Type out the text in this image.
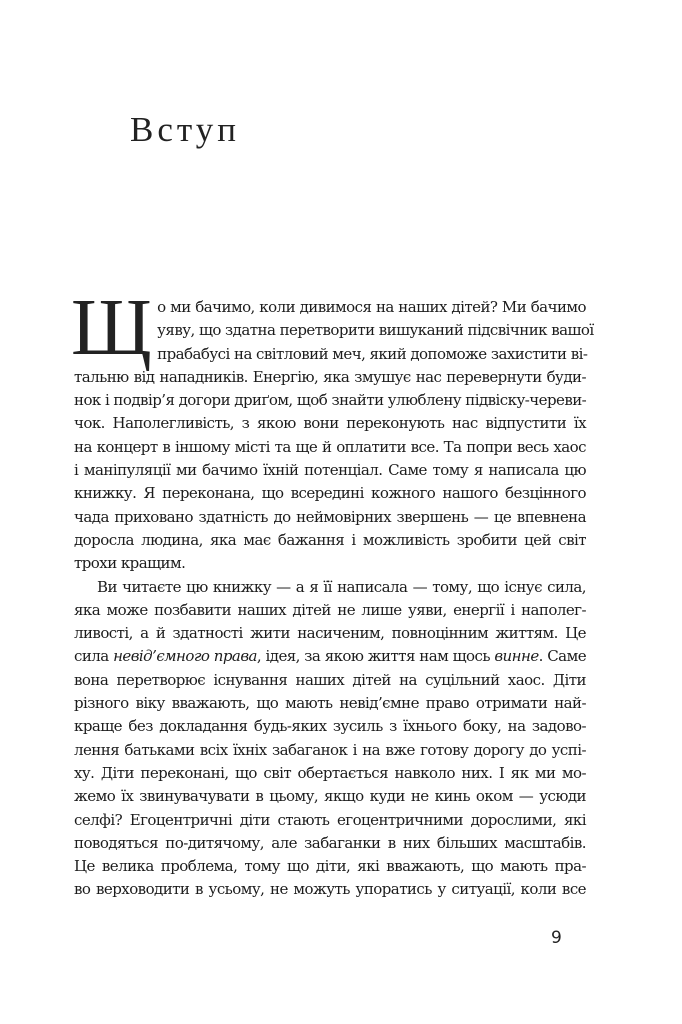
Вступ
Щ о ми бачимо, коли дивимося на наших дітей? Ми бачимо
уяву, що здатна перетворити вишуканий підсвічник вашої
прабабусі на світловий меч, який допоможе захистити ві-
тальню від нападників. Енергію, яка змушує нас перевернути буди-
нок і подвір’я догори дриґом, щоб знайти улюблену підвіску-череви-
чок. Наполегливість, з якою вони переконують нас відпустити їх
на концерт в іншому місті та ще й оплатити все. Та попри весь хаос
і маніпуляції ми бачимо їхній потенціал. Саме тому я написала цю
книжку. Я переконана, що всередині кожного нашого безцінного
чада приховано здатність до неймовірних звершень — це впевнена
доросла людина, яка має бажання і можливість зробити цей світ
трохи кращим.
Ви читаєте цю книжку — а я її написала — тому, що існує сила,
яка може позбавити наших дітей не лише уяви, енергії і наполег-
ливості, а й здатності жити насиченим, повноцінним життям. Це
сила невід’ємного права, ідея, за якою життя нам щось винне. Саме
вона перетворює існування наших дітей на суцільний хаос. Діти
різного віку вважають, що мають невід’ємне право отримати най-
краще без докладання будь-яких зусиль з їхнього боку, на задово-
лення батьками всіх їхніх забаганок і на вже готову дорогу до успі-
ху. Діти переконані, що світ обертається навколо них. І як ми мо-
жемо їх звинувачувати в цьому, якщо куди не кинь оком — усюди
селфі? Егоцентричні діти стають егоцентричними дорослими, які
поводяться по-дитячому, але забаганки в них більших масштабів.
Це велика проблема, тому що діти, які вважають, що мають пра-
во верховодити в усьому, не можуть упоратись у ситуації, коли все
9
